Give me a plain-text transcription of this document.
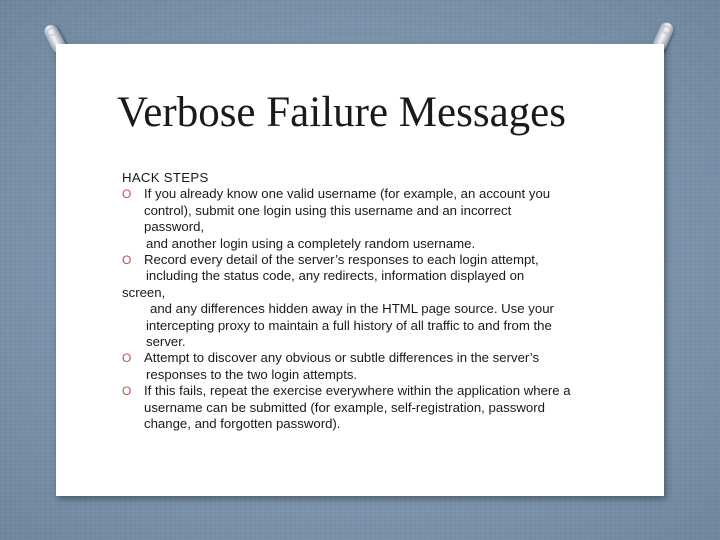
Verbose Failure Messages

HACK STEPS

O If you already know one valid username (for example, an account you
control), submit one login using this username and an incorrect
password,
and another login using a completely random username.
O Record every detail of the server’s responses to each login attempt,
including the status code, any redirects, information displayed on
screen,
and any differences hidden away in the HTML page source. Use your
intercepting proxy to maintain a full history of all traffic to and from the
server.
O Attempt to discover any obvious or subtle differences in the server’s
responses to the two login attempts.
O If this fails, repeat the exercise everywhere within the application where a
username can be submitted (for example, self-registration, password
change, and forgotten password).
